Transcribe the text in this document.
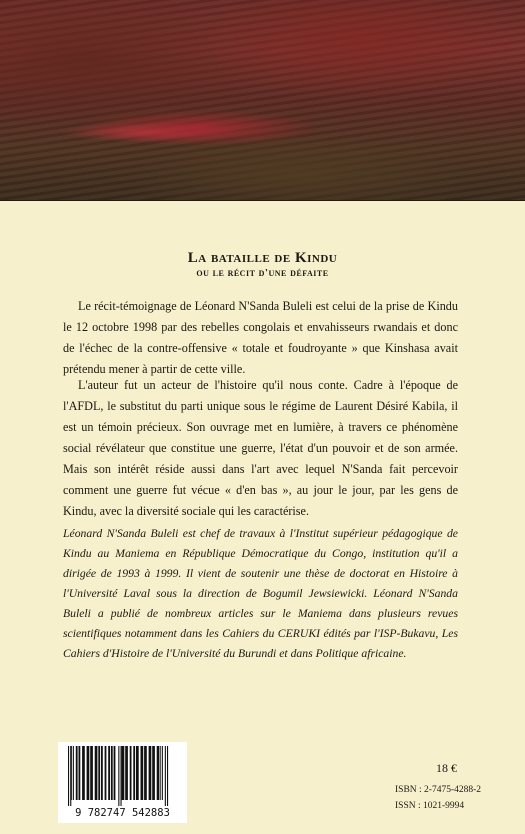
La bataille de Kindu
ou le récit d'une défaite

Le récit-témoignage de Léonard N'Sanda Buleli est celui de la prise de Kindu le 12 octobre 1998 par des rebelles congolais et envahisseurs rwandais et donc de l'échec de la contre-offensive « totale et foudroyante » que Kinshasa avait prétendu mener à partir de cette ville.

L'auteur fut un acteur de l'histoire qu'il nous conte. Cadre à l'époque de l'AFDL, le substitut du parti unique sous le régime de Laurent Désiré Kabila, il est un témoin précieux. Son ouvrage met en lumière, à travers ce phénomène social révélateur que constitue une guerre, l'état d'un pouvoir et de son armée. Mais son intérêt réside aussi dans l'art avec lequel N'Sanda fait percevoir comment une guerre fut vécue « d'en bas », au jour le jour, par les gens de Kindu, avec la diversité sociale qui les caractérise.

Léonard N'Sanda Buleli est chef de travaux à l'Institut supérieur pédagogique de Kindu au Maniema en République Démocratique du Congo, institution qu'il a dirigée de 1993 à 1999. Il vient de soutenir une thèse de doctorat en Histoire à l'Université Laval sous la direction de Bogumil Jewsiewicki. Léonard N'Sanda Buleli a publié de nombreux articles sur le Maniema dans plusieurs revues scientifiques notamment dans les Cahiers du CERUKI édités par l'ISP-Bukavu, Les Cahiers d'Histoire de l'Université du Burundi et dans Politique africaine.

9 782747 542883

18 €

ISBN : 2-7475-4288-2

ISSN : 1021-9994
